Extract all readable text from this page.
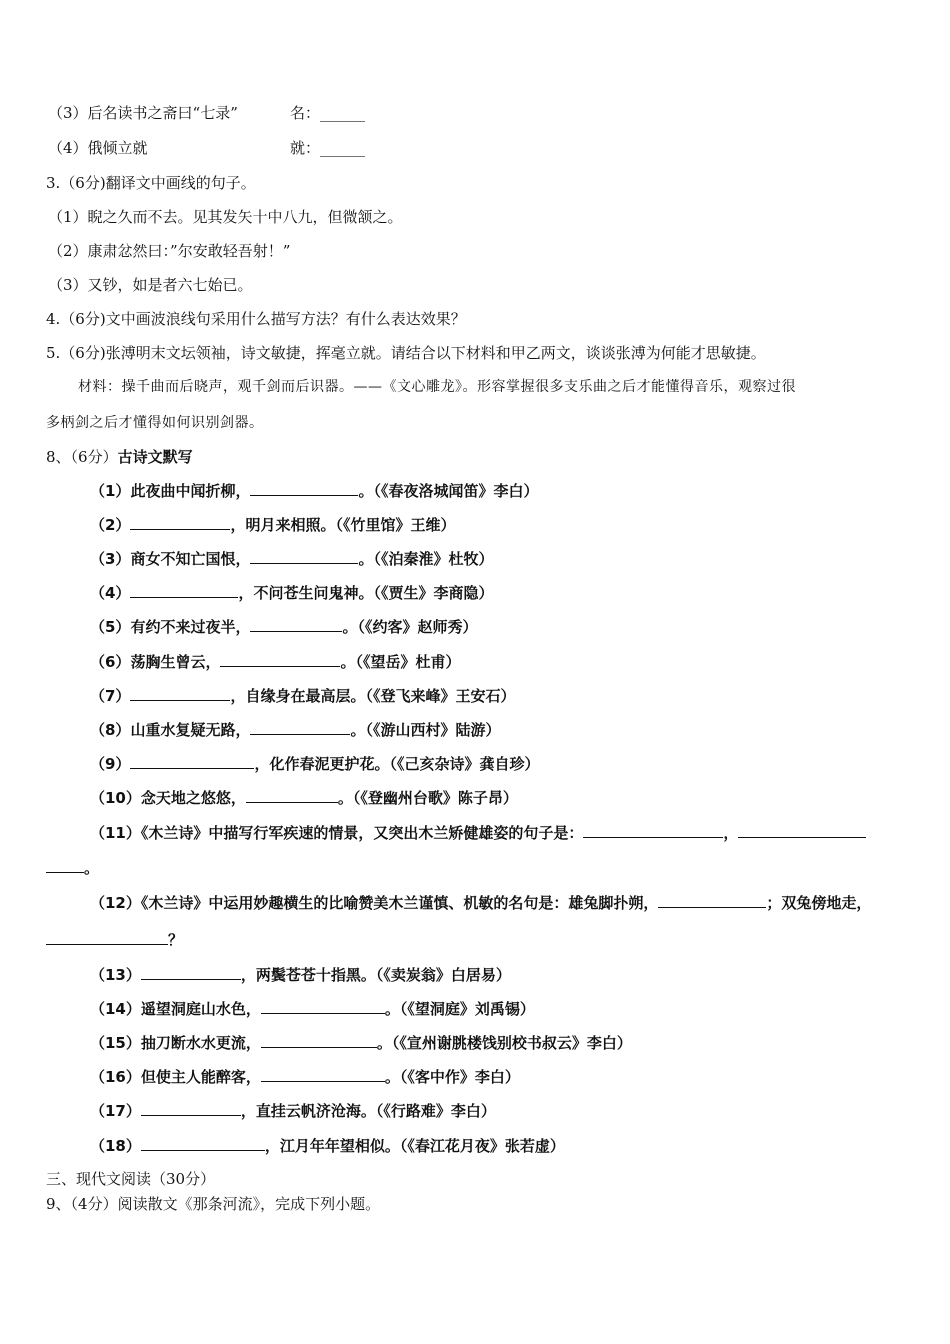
（3）后名读书之斋曰“七录”	名：______
（4）俄倾立就	就：______
3.（6分)翻译文中画线的句子。
（1）睨之久而不去。见其发矢十中八九，但微颔之。
（2）康肃忿然曰：”尔安敢轻吾射！”
（3）又钞，如是者六七始已。
4.（6分)文中画波浪线句采用什么描写方法？有什么表达效果？
5.（6分)张溥明末文坛领袖，诗文敏捷，挥毫立就。请结合以下材料和甲乙两文，谈谈张溥为何能才思敏捷。
材料：操千曲而后晓声，观千剑而后识器。——《文心雕龙》。形容掌握很多支乐曲之后才能懂得音乐，观察过很
多柄剑之后才懂得如何识别剑器。
8、（6分）古诗文默写
（1）此夜曲中闻折柳，	。（《春夜洛城闻笛》李白）
（2）	，明月来相照。（《竹里馆》王维）
（3）商女不知亡国恨，	。（《泊秦淮》杜牧）
（4）	，不问苍生问鬼神。（《贾生》李商隐）
（5）有约不来过夜半，	。（《约客》赵师秀）
（6）荡胸生曾云，	。（《望岳》杜甫）
（7）	，自缘身在最高层。（《登飞来峰》王安石）
（8）山重水复疑无路，	。（《游山西村》陆游）
（9）	，化作春泥更护花。（《己亥杂诗》龚自珍）
（10）念天地之悠悠，	。（《登幽州台歌》陈子昂）
（11）《木兰诗》中描写行军疾速的情景，又突出木兰矫健雄姿的句子是：	，
。
（12）《木兰诗》中运用妙趣横生的比喻赞美木兰谨慎、机敏的名句是：雄兔脚扑朔，	；双兔傍地走，
？
（13）	，两鬓苍苍十指黑。（《卖炭翁》白居易）
（14）遥望洞庭山水色，	。（《望洞庭》刘禹锡）
（15）抽刀断水水更流，	。（《宣州谢朓楼饯别校书叔云》李白）
（16）但使主人能醉客，	。（《客中作》李白）
（17）	，直挂云帆济沧海。（《行路难》李白）
（18）	，江月年年望相似。（《春江花月夜》张若虚）
三、现代文阅读（30分）
9、（4分）阅读散文《那条河流》，完成下列小题。
